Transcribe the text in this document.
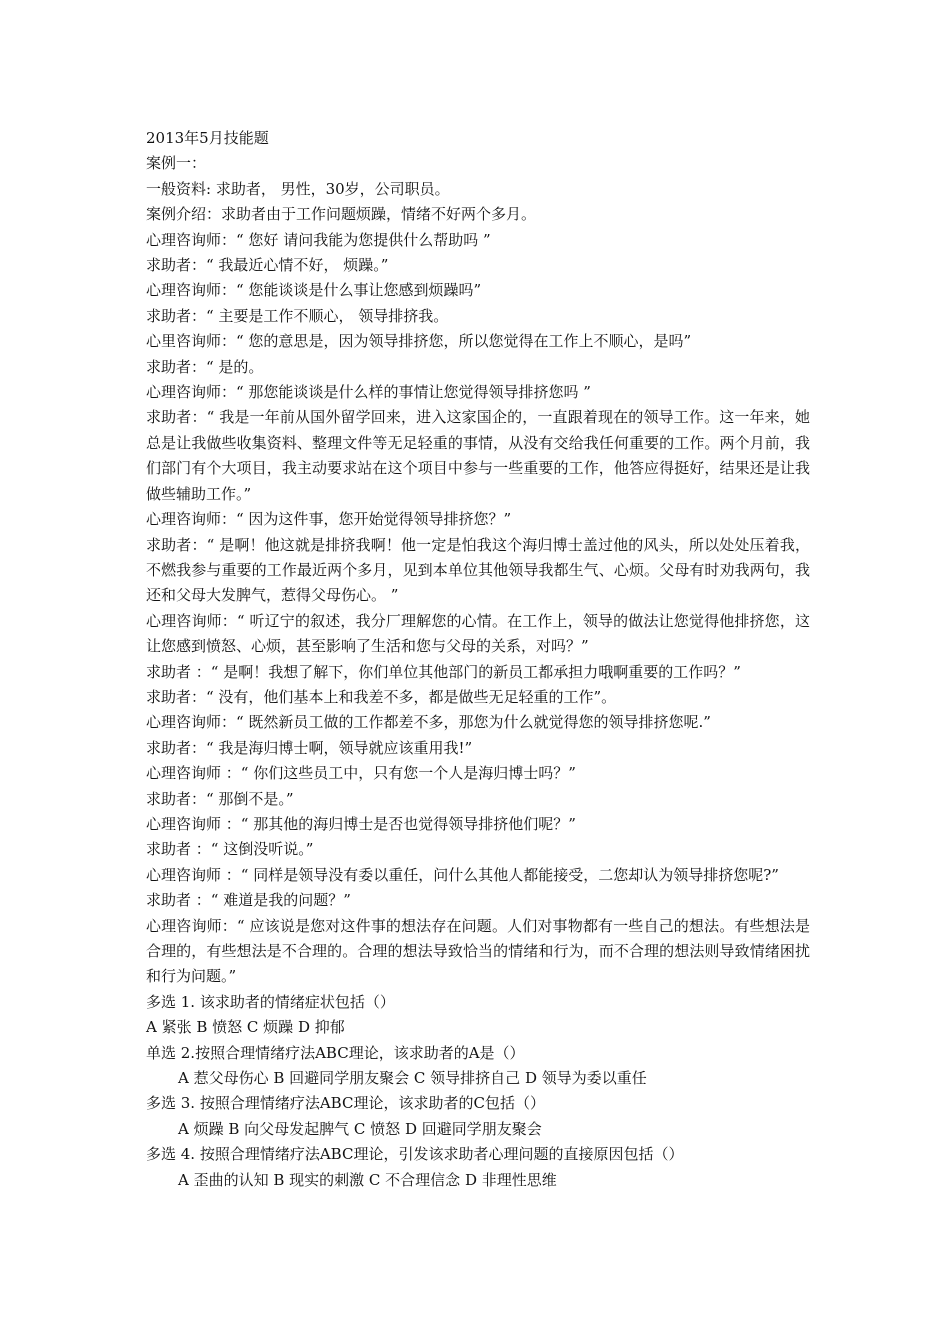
2013年5月技能题

案例一：

一般资料: 求助者， 男性，30岁，公司职员。

案例介绍：求助者由于工作问题烦躁，情绪不好两个多月。

心理咨询师：“ 您好 请问我能为您提供什么帮助吗 ”

求助者：“ 我最近心情不好， 烦躁。”

心理咨询师：“ 您能谈谈是什么事让您感到烦躁吗”

求助者：“ 主要是工作不顺心， 领导排挤我。

心里咨询师：“ 您的意思是，因为领导排挤您，所以您觉得在工作上不顺心，是吗”

求助者：“ 是的。

心理咨询师：“ 那您能谈谈是什么样的事情让您觉得领导排挤您吗 ”

求助者：“ 我是一年前从国外留学回来，进入这家国企的，一直跟着现在的领导工作。这一年来，她总是让我做些收集资料、整理文件等无足轻重的事情，从没有交给我任何重要的工作。两个月前，我们部门有个大项目，我主动要求站在这个项目中参与一些重要的工作，他答应得挺好，结果还是让我做些辅助工作。”

心理咨询师：“ 因为这件事，您开始觉得领导排挤您？”

求助者：“ 是啊！他这就是排挤我啊！他一定是怕我这个海归博士盖过他的风头，所以处处压着我，不燃我参与重要的工作最近两个多月，见到本单位其他领导我都生气、心烦。父母有时劝我两句，我还和父母大发脾气，惹得父母伤心。 ”

心理咨询师：“ 听辽宁的叙述，我分厂理解您的心情。在工作上，领导的做法让您觉得他排挤您，这让您感到愤怒、心烦，甚至影响了生活和您与父母的关系，对吗？”

求助者 ：“ 是啊！我想了解下，你们单位其他部门的新员工都承担力哦啊重要的工作吗？”

求助者：“ 没有，他们基本上和我差不多，都是做些无足轻重的工作”。

心理咨询师：“ 既然新员工做的工作都差不多，那您为什么就觉得您的领导排挤您呢.”

求助者：“ 我是海归博士啊，领导就应该重用我!”

心理咨询师 ：“ 你们这些员工中，只有您一个人是海归博士吗？”

求助者：“ 那倒不是。”

心理咨询师 ：“ 那其他的海归博士是否也觉得领导排挤他们呢？”

求助者 ：“ 这倒没听说。”

心理咨询师 ：“ 同样是领导没有委以重任，问什么其他人都能接受，二您却认为领导排挤您呢?”

求助者 ：“ 难道是我的问题？”

心理咨询师：“ 应该说是您对这件事的想法存在问题。人们对事物都有一些自己的想法。有些想法是合理的，有些想法是不合理的。合理的想法导致恰当的情绪和行为，而不合理的想法则导致情绪困扰和行为问题。”

多选 1. 该求助者的情绪症状包括（）

A 紧张 B 愤怒 C 烦躁 D 抑郁

单选 2.按照合理情绪疗法ABC理论，该求助者的A是（）

A 惹父母伤心 B 回避同学朋友聚会 C 领导排挤自己 D 领导为委以重任

多选 3. 按照合理情绪疗法ABC理论，该求助者的C包括（）

A 烦躁 B 向父母发起脾气 C 愤怒 D 回避同学朋友聚会

多选 4. 按照合理情绪疗法ABC理论，引发该求助者心理问题的直接原因包括（）

A 歪曲的认知 B 现实的刺激 C 不合理信念 D 非理性思维
